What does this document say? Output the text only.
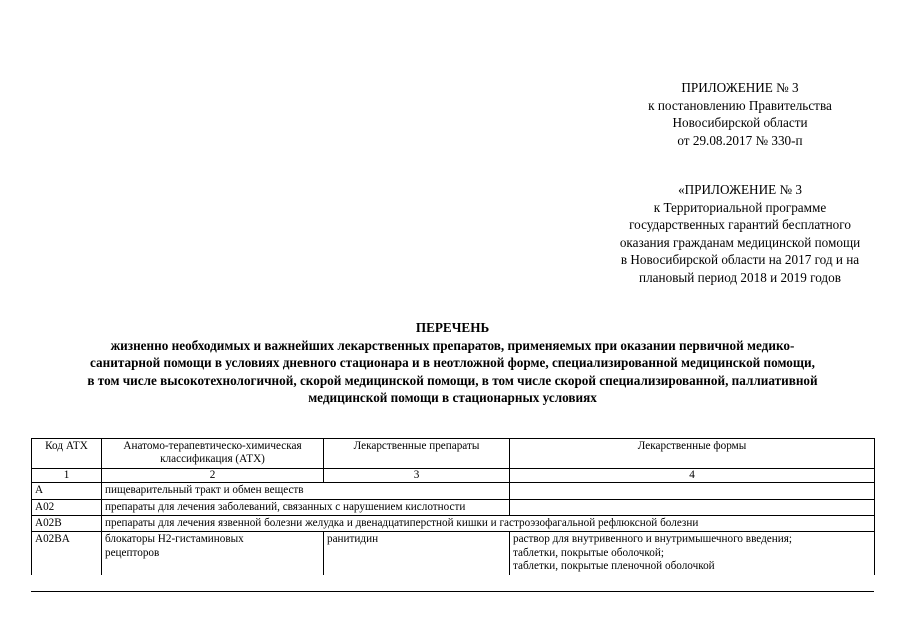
ПРИЛОЖЕНИЕ № 3
к постановлению Правительства
Новосибирской области
от 29.08.2017 № 330-п
«ПРИЛОЖЕНИЕ № 3
к Территориальной программе
государственных гарантий бесплатного
оказания гражданам медицинской помощи
в Новосибирской области на 2017 год и на
плановый период 2018 и 2019 годов
ПЕРЕЧЕНЬ
жизненно необходимых и важнейших лекарственных препаратов, применяемых при оказании первичной медико-
санитарной помощи в условиях дневного стационара и в неотложной форме, специализированной медицинской помощи,
в том числе высокотехнологичной, скорой медицинской помощи, в том числе скорой специализированной, паллиативной
медицинской помощи в стационарных условиях
Код АТХ	Анатомо-терапевтическо-химическая классификация (АТХ)	Лекарственные препараты	Лекарственные формы
1	2	3	4
A	пищеварительный тракт и обмен веществ		
A02	препараты для лечения заболеваний, связанных с нарушением кислотности		
A02B	препараты для лечения язвенной болезни желудка и двенадцатиперстной кишки и гастроэзофагальной рефлюксной болезни		
A02BA	блокаторы H2-гистаминовых рецепторов	ранитидин	раствор для внутривенного и внутримышечного введения;
таблетки, покрытые оболочкой;
таблетки, покрытые пленочной оболочкой
